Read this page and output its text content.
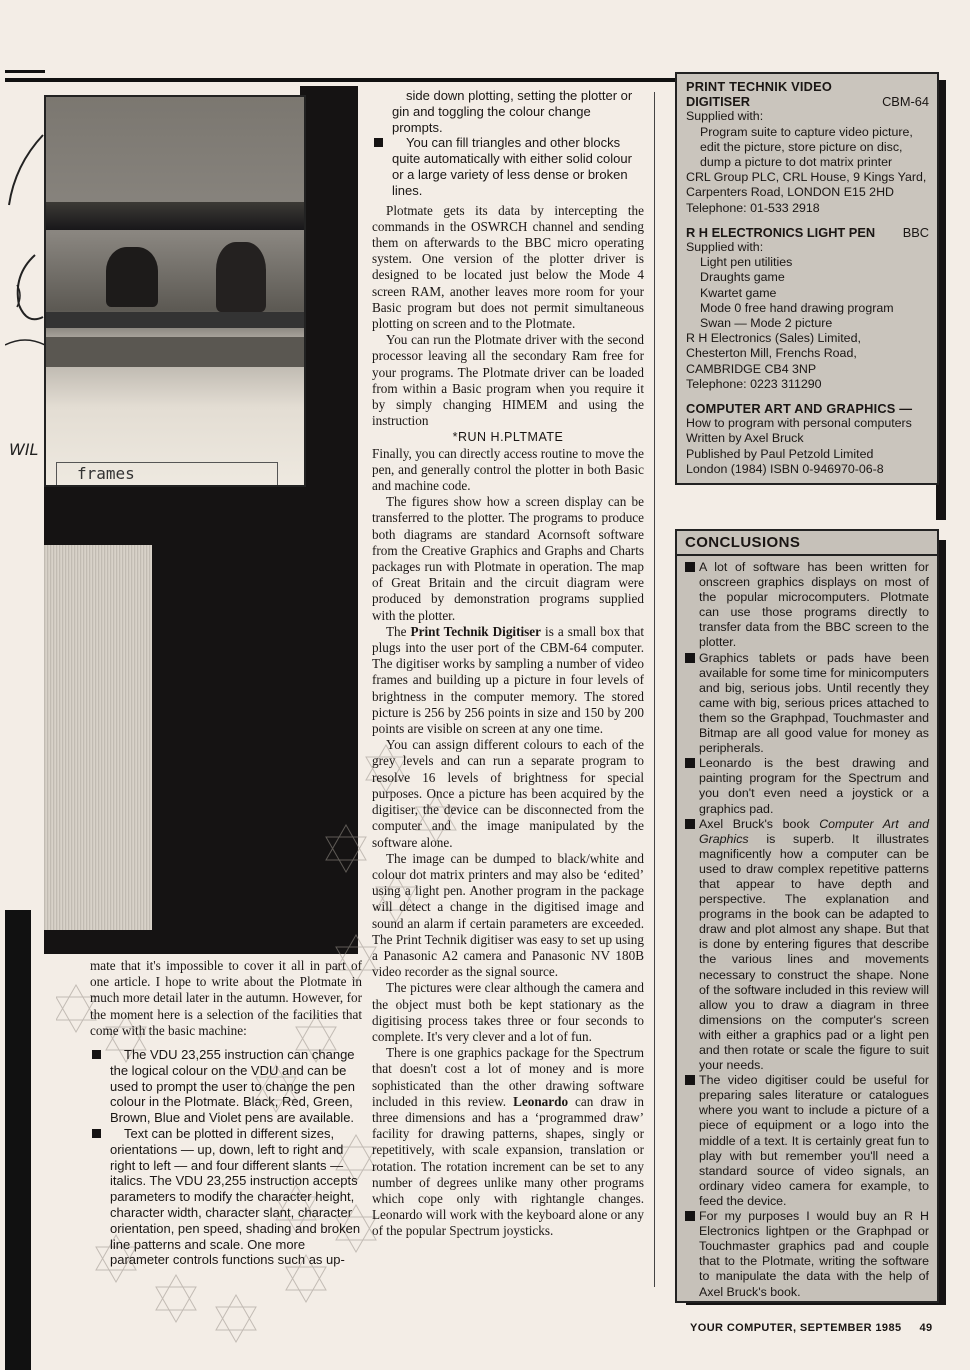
WIL
frames

side down plotting, setting the plotter or gin and toggling the colour change prompts.

You can fill triangles and other blocks quite automatically with either solid colour or a large variety of less dense or broken lines.

Plotmate gets its data by intercepting the commands in the OSWRCH channel and sending them on afterwards to the BBC micro operating system. One version of the plotter driver is designed to be located just below the Mode 4 screen RAM, another leaves more room for your Basic program but does not permit simultaneous plotting on screen and to the Plotmate.

You can run the Plotmate driver with the second processor leaving all the secondary Ram free for your programs. The Plotmate driver can be loaded from within a Basic program when you require it by simply changing HIMEM and using the instruction

*RUN H.PLTMATE

Finally, you can directly access routine to move the pen, and generally control the plotter in both Basic and machine code.

The figures show how a screen display can be transferred to the plotter. The programs to produce both diagrams are standard Acornsoft software from the Creative Graphics and Graphs and Charts packages run with Plotmate in operation. The map of Great Britain and the circuit diagram were produced by demonstration programs supplied with the plotter.

The Print Technik Digitiser is a small box that plugs into the user port of the CBM-64 computer. The digitiser works by sampling a number of video frames and building up a picture in four levels of brightness in the computer memory. The stored picture is 256 by 256 points in size and 150 by 200 points are visible on screen at any one time.

You can assign different colours to each of the grey levels and can run a separate program to resolve 16 levels of brightness for special purposes. Once a picture has been acquired by the digitiser, the device can be disconnected from the computer and the image manipulated by the software alone.

The image can be dumped to black/white and colour dot matrix printers and may also be ‘edited’ using a light pen. Another program in the package will detect a change in the digitised image and sound an alarm if certain parameters are exceeded. The Print Technik digitiser was easy to set up using a Panasonic A2 camera and Panasonic NV 180B video recorder as the signal source.

The pictures were clear although the camera and the object must both be kept stationary as the digitising process takes three or four seconds to complete. It's very clever and a lot of fun.

There is one graphics package for the Spectrum that doesn't cost a lot of money and is more sophisticated than the other drawing software included in this review. Leonardo can draw in three dimensions and has a ‘programmed draw’ facility for drawing patterns, shapes, singly or repetitively, with scale expansion, translation or rotation. The rotation increment can be set to any number of degrees unlike many other programs which cope only with rightangle changes. Leonardo will work with the keyboard alone or any of the popular Spectrum joysticks.

mate that it's impossible to cover it all in part of one article. I hope to write about the Plotmate in much more detail later in the autumn. However, for the moment here is a selection of the facilities that come with the basic machine:

The VDU 23,255 instruction can change the logical colour on the VDU and can be used to prompt the user to change the pen colour in the Plotmate. Black, Red, Green, Brown, Blue and Violet pens are available.

Text can be plotted in different sizes, orientations — up, down, left to right and right to left — and four different slants — italics. The VDU 23,255 instruction accepts parameters to modify the character height, character width, character slant, character orientation, pen speed, shading and broken line patterns and scale. One more parameter controls functions such as up-

PRINT TECHNIK VIDEO
DIGITISER	CBM-64
Supplied with:
Program suite to capture video picture, edit the picture, store picture on disc, dump a picture to dot matrix printer
CRL Group PLC, CRL House, 9 Kings Yard, Carpenters Road, LONDON E15 2HD
Telephone: 01-533 2918
R H ELECTRONICS LIGHT PEN BBC
Supplied with:
Light pen utilities
Draughts game
Kwartet game
Mode 0 free hand drawing program
Swan — Mode 2 picture
R H Electronics (Sales) Limited,
Chesterton Mill, Frenchs Road,
CAMBRIDGE CB4 3NP
Telephone: 0223 311290
COMPUTER ART AND GRAPHICS —
How to program with personal computers
Written by Axel Bruck
Published by Paul Petzold Limited
London (1984) ISBN 0-946970-06-8
CONCLUSIONS

A lot of software has been written for onscreen graphics displays on most of the popular microcomputers. Plotmate can use those programs directly to transfer data from the BBC screen to the plotter.

Graphics tablets or pads have been available for some time for minicomputers and big, serious jobs. Until recently they came with big, serious prices attached to them so the Graphpad, Touchmaster and Bitmap are all good value for money as peripherals.

Leonardo is the best drawing and painting program for the Spectrum and you don't even need a joystick or a graphics pad.

Axel Bruck's book Computer Art and Graphics is superb. It illustrates magnificently how a computer can be used to draw complex repetitive patterns that appear to have depth and perspective. The explanation and programs in the book can be adapted to draw and plot almost any shape. But that is done by entering figures that describe the various lines and movements necessary to construct the shape. None of the software included in this review will allow you to draw a diagram in three dimensions on the computer's screen with either a graphics pad or a light pen and then rotate or scale the figure to suit your needs.

The video digitiser could be useful for preparing sales literature or catalogues where you want to include a picture of a piece of equipment or a logo into the middle of a text. It is certainly great fun to play with but remember you'll need a standard source of video signals, an ordinary video camera for example, to feed the device.

For my purposes I would buy an R H Electronics lightpen or the Graphpad or Touchmaster graphics pad and couple that to the Plotmate, writing the software to manipulate the data with the help of Axel Bruck's book.

YOUR COMPUTER, SEPTEMBER 1985 49
